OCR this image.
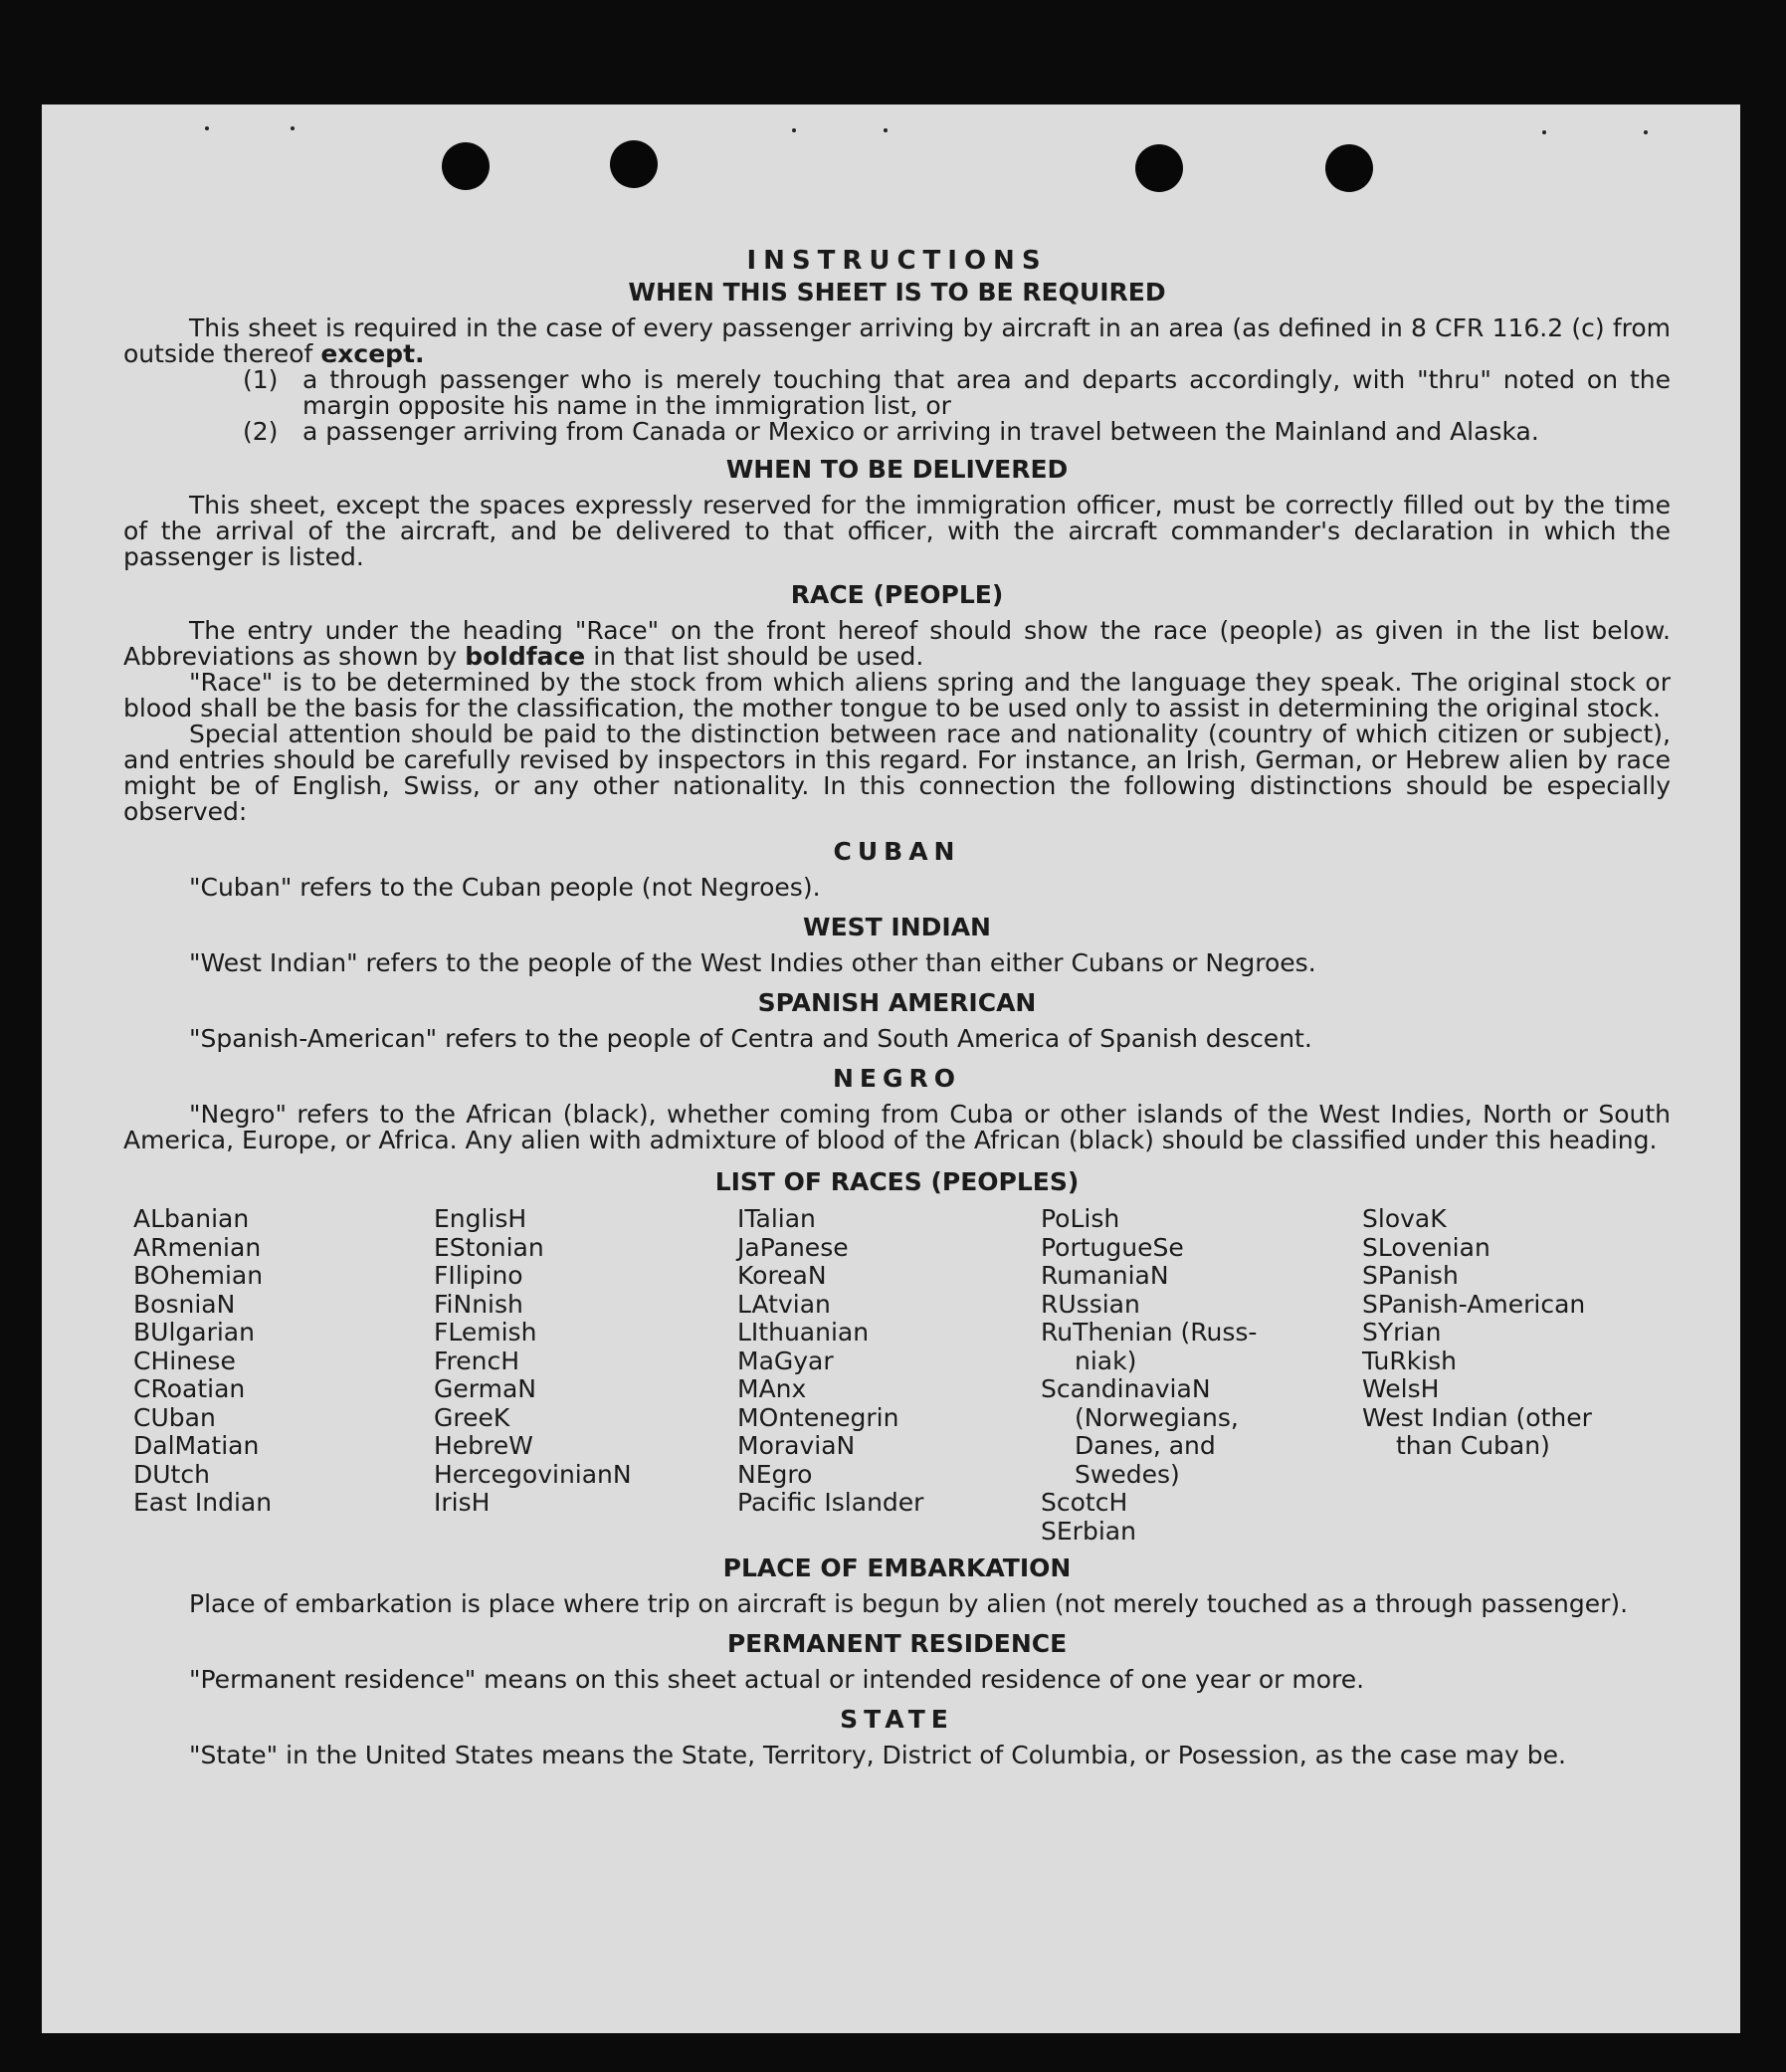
INSTRUCTIONS
WHEN THIS SHEET IS TO BE REQUIRED

This sheet is required in the case of every passenger arriving by aircraft in an area (as defined in 8 CFR 116.2 (c) from outside thereof except.

(1) a through passenger who is merely touching that area and departs accordingly, with "thru" noted on the margin opposite his name in the immigration list, or
(2) a passenger arriving from Canada or Mexico or arriving in travel between the Mainland and Alaska.
WHEN TO BE DELIVERED

This sheet, except the spaces expressly reserved for the immigration officer, must be correctly filled out by the time of the arrival of the aircraft, and be delivered to that officer, with the aircraft commander's declaration in which the passenger is listed.

RACE (PEOPLE)

The entry under the heading "Race" on the front hereof should show the race (people) as given in the list below. Abbreviations as shown by boldface in that list should be used.

"Race" is to be determined by the stock from which aliens spring and the language they speak. The original stock or blood shall be the basis for the classification, the mother tongue to be used only to assist in determining the original stock.

Special attention should be paid to the distinction between race and nationality (country of which citizen or subject), and entries should be carefully revised by inspectors in this regard. For instance, an Irish, German, or Hebrew alien by race might be of English, Swiss, or any other nationality. In this connection the following distinctions should be especially observed:

CUBAN

"Cuban" refers to the Cuban people (not Negroes).

WEST INDIAN

"West Indian" refers to the people of the West Indies other than either Cubans or Negroes.

SPANISH AMERICAN

"Spanish-American" refers to the people of Centra and South America of Spanish descent.

NEGRO

"Negro" refers to the African (black), whether coming from Cuba or other islands of the West Indies, North or South America, Europe, or Africa. Any alien with admixture of blood of the African (black) should be classified under this heading.

LIST OF RACES (PEOPLES)
ALbanian
ARmenian
BOhemian
BosniaN
BUlgarian
CHinese
CRoatian
CUban
DalMatian
DUtch
East Indian
EnglisH
EStonian
FIlipino
FiNnish
FLemish
FrencH
GermaN
GreeK
HebreW
HercegovinianN
IrisH
ITalian
JaPanese
KoreaN
LAtvian
LIthuanian
MaGyar
MAnx
MOntenegrin
MoraviaN
NEgro
Pacific Islander
PoLish
PortugueSe
RumaniaN
RUssian
RuThenian (Russ-
niak)
ScandinaviaN
(Norwegians,
Danes, and
Swedes)
ScotcH
SErbian
SlovaK
SLovenian
SPanish
SPanish-American
SYrian
TuRkish
WelsH
West Indian (other
than Cuban)
PLACE OF EMBARKATION

Place of embarkation is place where trip on aircraft is begun by alien (not merely touched as a through passenger).

PERMANENT RESIDENCE

"Permanent residence" means on this sheet actual or intended residence of one year or more.

STATE

"State" in the United States means the State, Territory, District of Columbia, or Posession, as the case may be.
